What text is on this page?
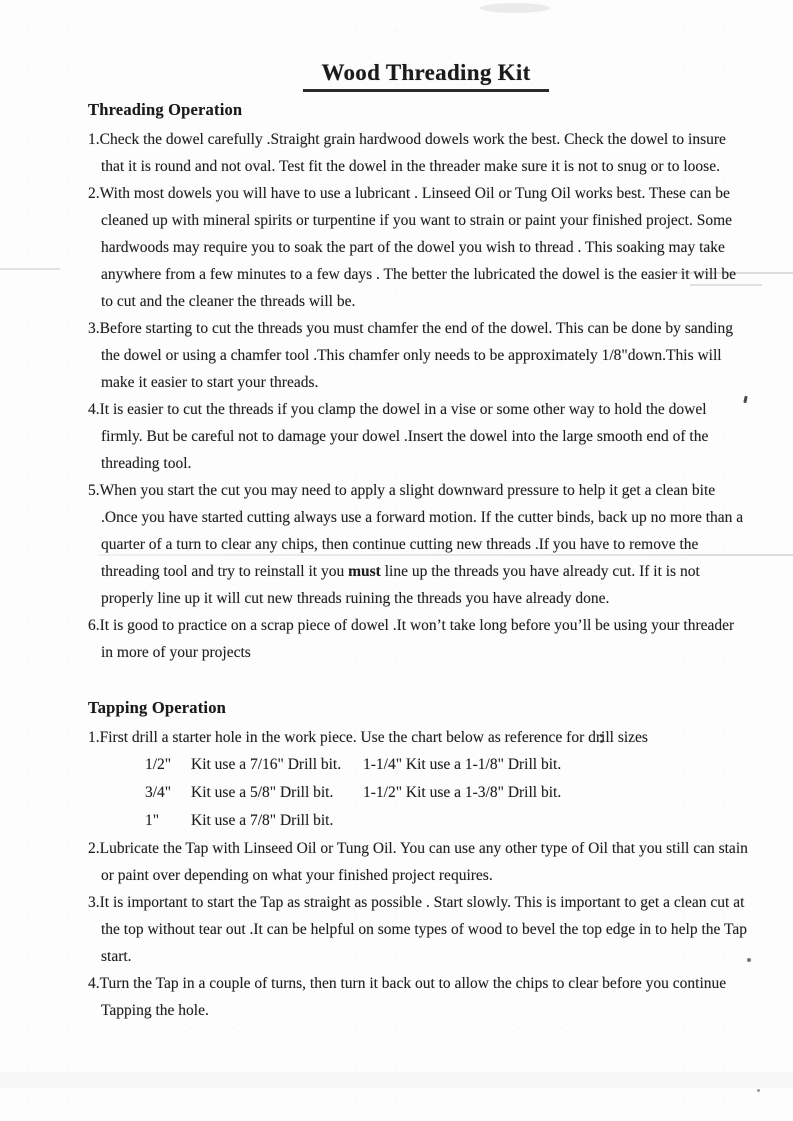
Wood Threading Kit
Threading Operation
1.Check the dowel carefully .Straight grain hardwood dowels work the best. Check the dowel to insure that it is round and not oval. Test fit the dowel in the threader make sure it is not to snug or to loose.
2.With most dowels you will have to use a lubricant . Linseed Oil or Tung Oil works best. These can be cleaned up with mineral spirits or turpentine if you want to strain or paint your finished project. Some hardwoods may require you to soak the part of the dowel you wish to thread . This soaking may take anywhere from a few minutes to a few days . The better the lubricated the dowel is the easier it will be to cut and the cleaner the threads will be.
3.Before starting to cut the threads you must chamfer the end of the dowel. This can be done by sanding the dowel or using a chamfer tool .This chamfer only needs to be approximately 1/8"down.This will make it easier to start your threads.
4.It is easier to cut the threads if you clamp the dowel in a vise or some other way to hold the dowel firmly. But be careful not to damage your dowel .Insert the dowel into the large smooth end of the threading tool.
5.When you start the cut you may need to apply a slight downward pressure to help it get a clean bite .Once you have started cutting always use a forward motion. If the cutter binds, back up no more than a quarter of a turn to clear any chips, then continue cutting new threads .If you have to remove the threading tool and try to reinstall it you must line up the threads you have already cut. If it is not properly line up it will cut new threads ruining the threads you have already done.
6.It is good to practice on a scrap piece of dowel .It won’t take long before you’ll be using your threader in more of your projects
Tapping Operation
1.First drill a starter hole in the work piece. Use the chart below as reference for drill sizes
1/2" Kit use a 7/16" Drill bit. 1-1/4" Kit use a 1-1/8" Drill bit.
3/4" Kit use a 5/8" Drill bit. 1-1/2" Kit use a 1-3/8" Drill bit.
1" Kit use a 7/8" Drill bit.
2.Lubricate the Tap with Linseed Oil or Tung Oil. You can use any other type of Oil that you still can stain or paint over depending on what your finished project requires.
3.It is important to start the Tap as straight as possible . Start slowly. This is important to get a clean cut at the top without tear out .It can be helpful on some types of wood to bevel the top edge in to help the Tap start.
4.Turn the Tap in a couple of turns, then turn it back out to allow the chips to clear before you continue Tapping the hole.
